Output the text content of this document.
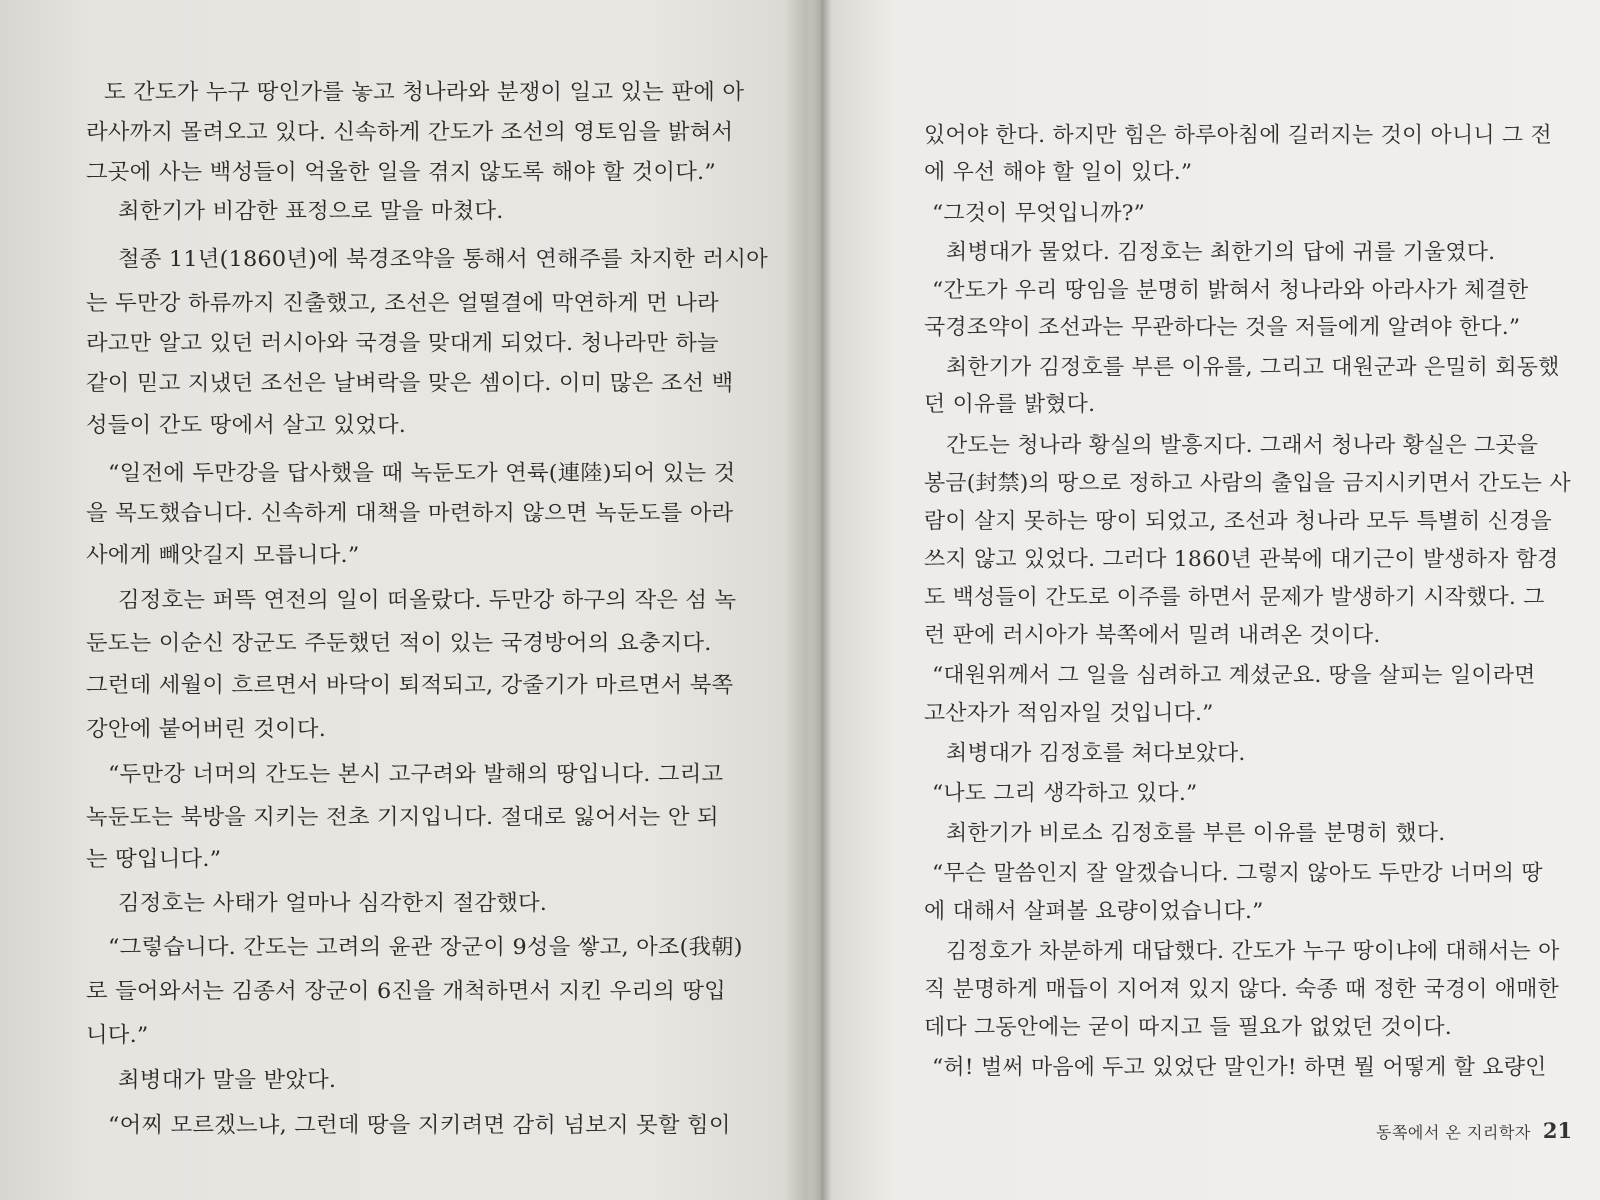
도 간도가 누구 땅인가를 놓고 청나라와 분쟁이 일고 있는 판에 아

라사까지 몰려오고 있다. 신속하게 간도가 조선의 영토임을 밝혀서

그곳에 사는 백성들이 억울한 일을 겪지 않도록 해야 할 것이다.”

최한기가 비감한 표정으로 말을 마쳤다.

철종 11년(1860년)에 북경조약을 통해서 연해주를 차지한 러시아

는 두만강 하류까지 진출했고, 조선은 얼떨결에 막연하게 먼 나라

라고만 알고 있던 러시아와 국경을 맞대게 되었다. 청나라만 하늘

같이 믿고 지냈던 조선은 날벼락을 맞은 셈이다. 이미 많은 조선 백

성들이 간도 땅에서 살고 있었다.

“일전에 두만강을 답사했을 때 녹둔도가 연륙(連陸)되어 있는 것

을 목도했습니다. 신속하게 대책을 마련하지 않으면 녹둔도를 아라

사에게 빼앗길지 모릅니다.”

김정호는 퍼뜩 연전의 일이 떠올랐다. 두만강 하구의 작은 섬 녹

둔도는 이순신 장군도 주둔했던 적이 있는 국경방어의 요충지다.

그런데 세월이 흐르면서 바닥이 퇴적되고, 강줄기가 마르면서 북쪽

강안에 붙어버린 것이다.

“두만강 너머의 간도는 본시 고구려와 발해의 땅입니다. 그리고

녹둔도는 북방을 지키는 전초 기지입니다. 절대로 잃어서는 안 되

는 땅입니다.”

김정호는 사태가 얼마나 심각한지 절감했다.

“그렇습니다. 간도는 고려의 윤관 장군이 9성을 쌓고, 아조(我朝)

로 들어와서는 김종서 장군이 6진을 개척하면서 지킨 우리의 땅입

니다.”

최병대가 말을 받았다.

“어찌 모르겠느냐, 그런데 땅을 지키려면 감히 넘보지 못할 힘이

있어야 한다. 하지만 힘은 하루아침에 길러지는 것이 아니니 그 전

에 우선 해야 할 일이 있다.”

“그것이 무엇입니까?”

최병대가 물었다. 김정호는 최한기의 답에 귀를 기울였다.

“간도가 우리 땅임을 분명히 밝혀서 청나라와 아라사가 체결한

국경조약이 조선과는 무관하다는 것을 저들에게 알려야 한다.”

최한기가 김정호를 부른 이유를, 그리고 대원군과 은밀히 회동했

던 이유를 밝혔다.

간도는 청나라 황실의 발흥지다. 그래서 청나라 황실은 그곳을

봉금(封禁)의 땅으로 정하고 사람의 출입을 금지시키면서 간도는 사

람이 살지 못하는 땅이 되었고, 조선과 청나라 모두 특별히 신경을

쓰지 않고 있었다. 그러다 1860년 관북에 대기근이 발생하자 함경

도 백성들이 간도로 이주를 하면서 문제가 발생하기 시작했다. 그

런 판에 러시아가 북쪽에서 밀려 내려온 것이다.

“대원위께서 그 일을 심려하고 계셨군요. 땅을 살피는 일이라면

고산자가 적임자일 것입니다.”

최병대가 김정호를 쳐다보았다.

“나도 그리 생각하고 있다.”

최한기가 비로소 김정호를 부른 이유를 분명히 했다.

“무슨 말씀인지 잘 알겠습니다. 그렇지 않아도 두만강 너머의 땅

에 대해서 살펴볼 요량이었습니다.”

김정호가 차분하게 대답했다. 간도가 누구 땅이냐에 대해서는 아

직 분명하게 매듭이 지어져 있지 않다. 숙종 때 정한 국경이 애매한

데다 그동안에는 굳이 따지고 들 필요가 없었던 것이다.

“허! 벌써 마음에 두고 있었단 말인가! 하면 뭘 어떻게 할 요량인

동쪽에서 온 지리학자 21
